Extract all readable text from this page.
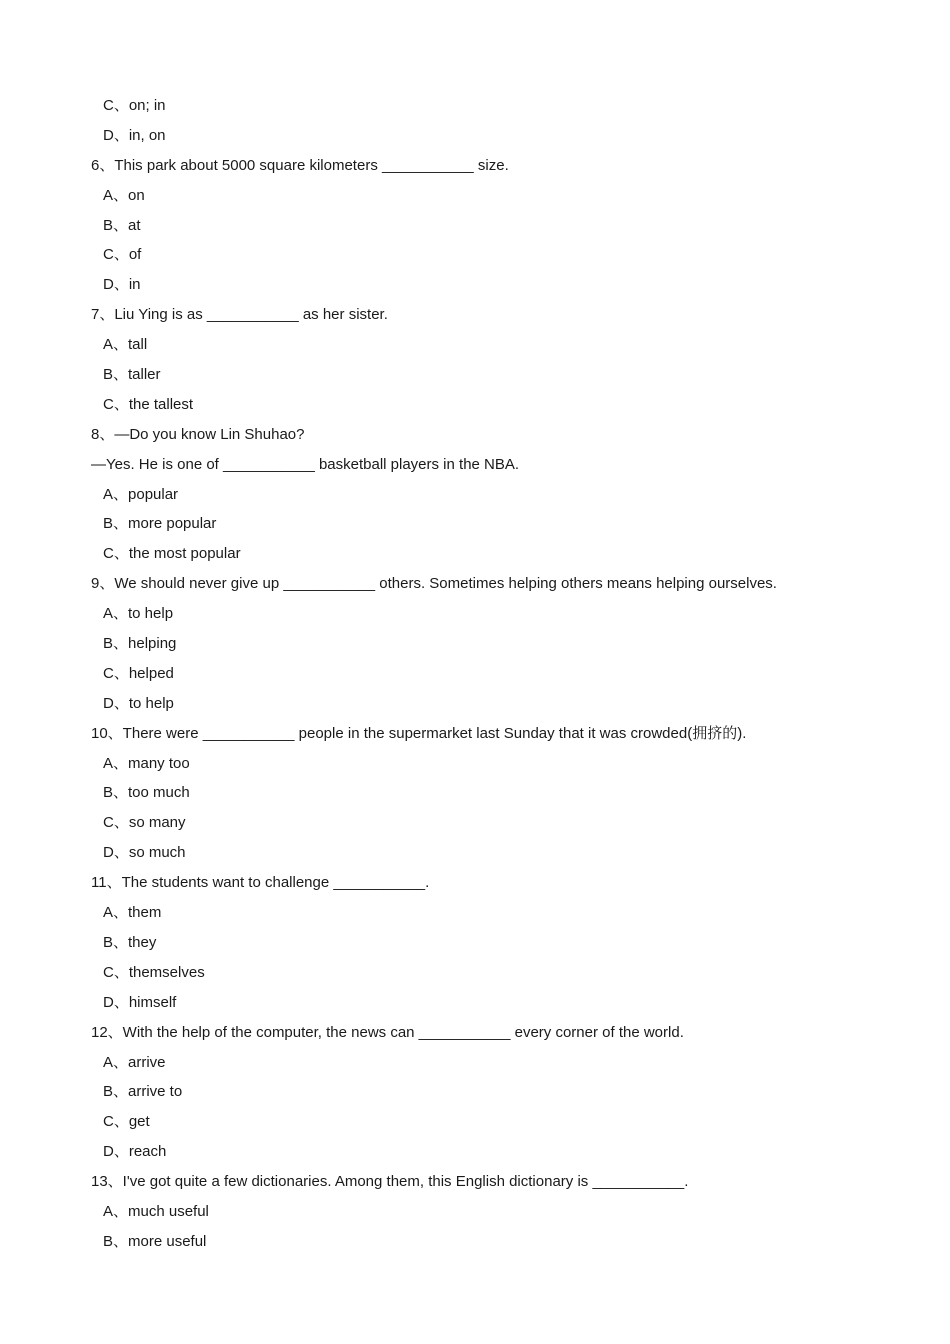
C、on; in
D、in, on
6、This park about 5000 square kilometers ___________ size.
A、on
B、at
C、of
D、in
7、Liu Ying is as ___________ as her sister.
A、tall
B、taller
C、the tallest
8、—Do you know Lin Shuhao?
—Yes. He is one of ___________ basketball players in the NBA.
A、popular
B、more popular
C、the most popular
9、We should never give up ___________ others. Sometimes helping others means helping ourselves.
A、to help
B、helping
C、helped
D、to help
10、There were ___________ people in the supermarket last Sunday that it was crowded(拥挤的).
A、many too
B、too much
C、so many
D、so much
11、The students want to challenge ___________.
A、them
B、they
C、themselves
D、himself
12、With the help of the computer, the news can ___________ every corner of the world.
A、arrive
B、arrive to
C、get
D、reach
13、I've got quite a few dictionaries. Among them, this English dictionary is ___________.
A、much useful
B、more useful
